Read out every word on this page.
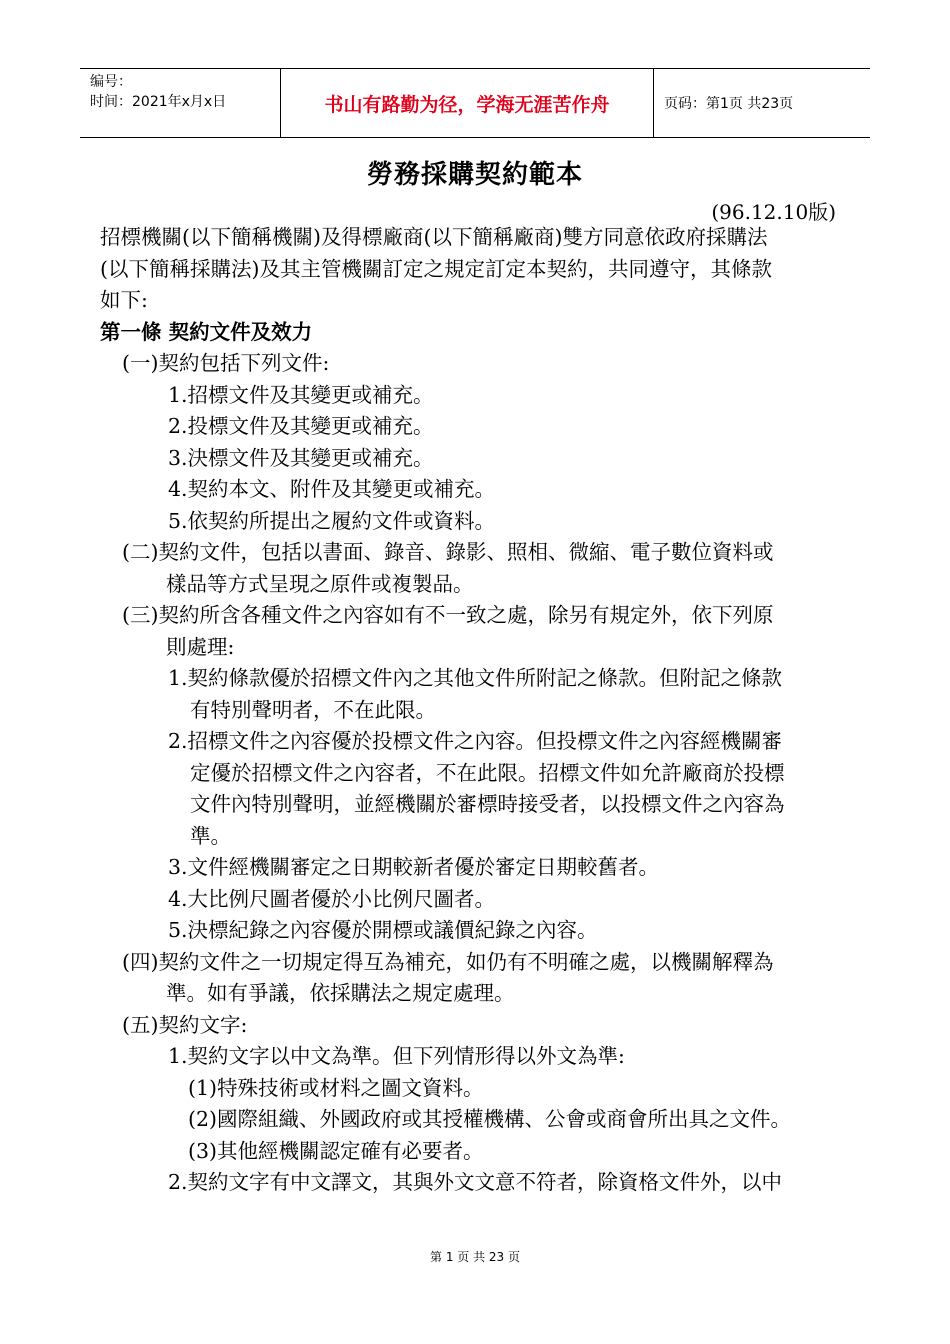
编号：
时间：2021年x月x日	书山有路勤为径，学海无涯苦作舟	页码：第1页 共23页
勞務採購契約範本
(96.12.10版)
招標機關(以下簡稱機關)及得標廠商(以下簡稱廠商)雙方同意依政府採購法
(以下簡稱採購法)及其主管機關訂定之規定訂定本契約，共同遵守，其條款
如下:
第一條 契約文件及效力
(一)契約包括下列文件:
1.招標文件及其變更或補充。
2.投標文件及其變更或補充。
3.決標文件及其變更或補充。
4.契約本文、附件及其變更或補充。
5.依契約所提出之履約文件或資料。
(二)契約文件，包括以書面、錄音、錄影、照相、微縮、電子數位資料或
樣品等方式呈現之原件或複製品。
(三)契約所含各種文件之內容如有不一致之處，除另有規定外，依下列原
則處理:
1.契約條款優於招標文件內之其他文件所附記之條款。但附記之條款
有特別聲明者，不在此限。
2.招標文件之內容優於投標文件之內容。但投標文件之內容經機關審
定優於招標文件之內容者，不在此限。招標文件如允許廠商於投標
文件內特別聲明，並經機關於審標時接受者，以投標文件之內容為
準。
3.文件經機關審定之日期較新者優於審定日期較舊者。
4.大比例尺圖者優於小比例尺圖者。
5.決標紀錄之內容優於開標或議價紀錄之內容。
(四)契約文件之一切規定得互為補充，如仍有不明確之處，以機關解釋為
準。如有爭議，依採購法之規定處理。
(五)契約文字:
1.契約文字以中文為準。但下列情形得以外文為準:
(1)特殊技術或材料之圖文資料。
(2)國際組織、外國政府或其授權機構、公會或商會所出具之文件。
(3)其他經機關認定確有必要者。
2.契約文字有中文譯文，其與外文文意不符者，除資格文件外，以中
第 1 页 共 23 页
